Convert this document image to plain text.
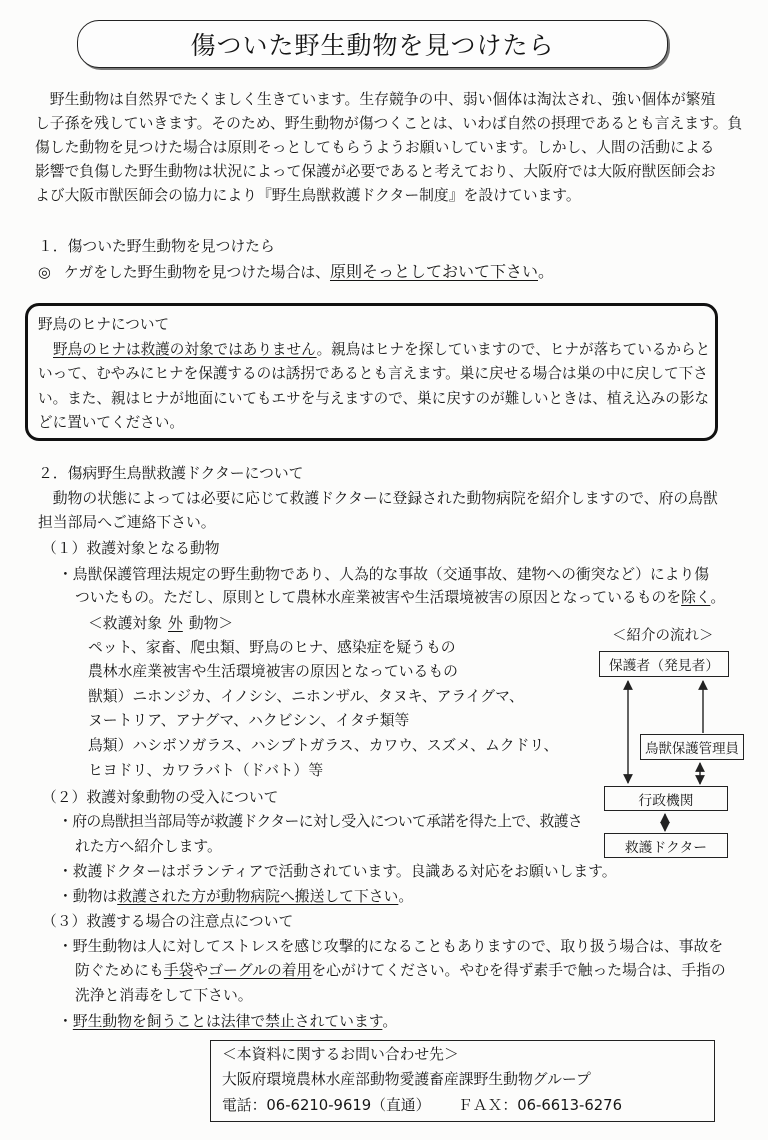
傷ついた野生動物を見つけたら
　野生動物は自然界でたくましく生きています。生存競争の中、弱い個体は淘汰され、強い個体が繁殖
し子孫を残していきます。そのため、野生動物が傷つくことは、いわば自然の摂理であるとも言えます。負
傷した動物を見つけた場合は原則そっとしてもらうようお願いしています。しかし、人間の活動による
影響で負傷した野生動物は状況によって保護が必要であると考えており、大阪府では大阪府獣医師会お
よび大阪市獣医師会の協力により『野生鳥獣救護ドクター制度』を設けています。
１．傷ついた野生動物を見つけたら
◎ ケガをした野生動物を見つけた場合は、原則そっとしておいて下さい。
野鳥のヒナについて
野鳥のヒナは救護の対象ではありません。親鳥はヒナを探していますので、ヒナが落ちているからと
いって、むやみにヒナを保護するのは誘拐であるとも言えます。巣に戻せる場合は巣の中に戻して下さ
い。また、親はヒナが地面にいてもエサを与えますので、巣に戻すのが難しいときは、植え込みの影な
どに置いてください。
２．傷病野生鳥獣救護ドクターについて
　動物の状態によっては必要に応じて救護ドクターに登録された動物病院を紹介しますので、府の鳥獣
担当部局へご連絡下さい。
（１）救護対象となる動物
・鳥獣保護管理法規定の野生動物であり、人為的な事故（交通事故、建物への衝突など）により傷
ついたもの。ただし、原則として農林水産業被害や生活環境被害の原因となっているものを除く。
＜救護対象 外 動物＞
ペット、家畜、爬虫類、野鳥のヒナ、感染症を疑うもの
農林水産業被害や生活環境被害の原因となっているもの
獣類）ニホンジカ、イノシシ、ニホンザル、タヌキ、アライグマ、
ヌートリア、アナグマ、ハクビシン、イタチ類等
鳥類）ハシボソガラス、ハシブトガラス、カワウ、スズメ、ムクドリ、
ヒヨドリ、カワラバト（ドバト）等
＜紹介の流れ＞
保護者（発見者）
鳥獣保護管理員
行政機関
救護ドクター
（２）救護対象動物の受入について
・府の鳥獣担当部局等が救護ドクターに対し受入について承諾を得た上で、救護さ
れた方へ紹介します。
・救護ドクターはボランティアで活動されています。良識ある対応をお願いします。
・動物は救護された方が動物病院へ搬送して下さい。
（３）救護する場合の注意点について
・野生動物は人に対してストレスを感じ攻撃的になることもありますので、取り扱う場合は、事故を
防ぐためにも手袋やゴーグルの着用を心がけてください。やむを得ず素手で触った場合は、手指の
洗浄と消毒をして下さい。
・野生動物を飼うことは法律で禁止されています。
＜本資料に関するお問い合わせ先＞
大阪府環境農林水産部動物愛護畜産課野生動物グループ
電話：06-6210-9619（直通） ＦＡＸ：06-6613-6276
